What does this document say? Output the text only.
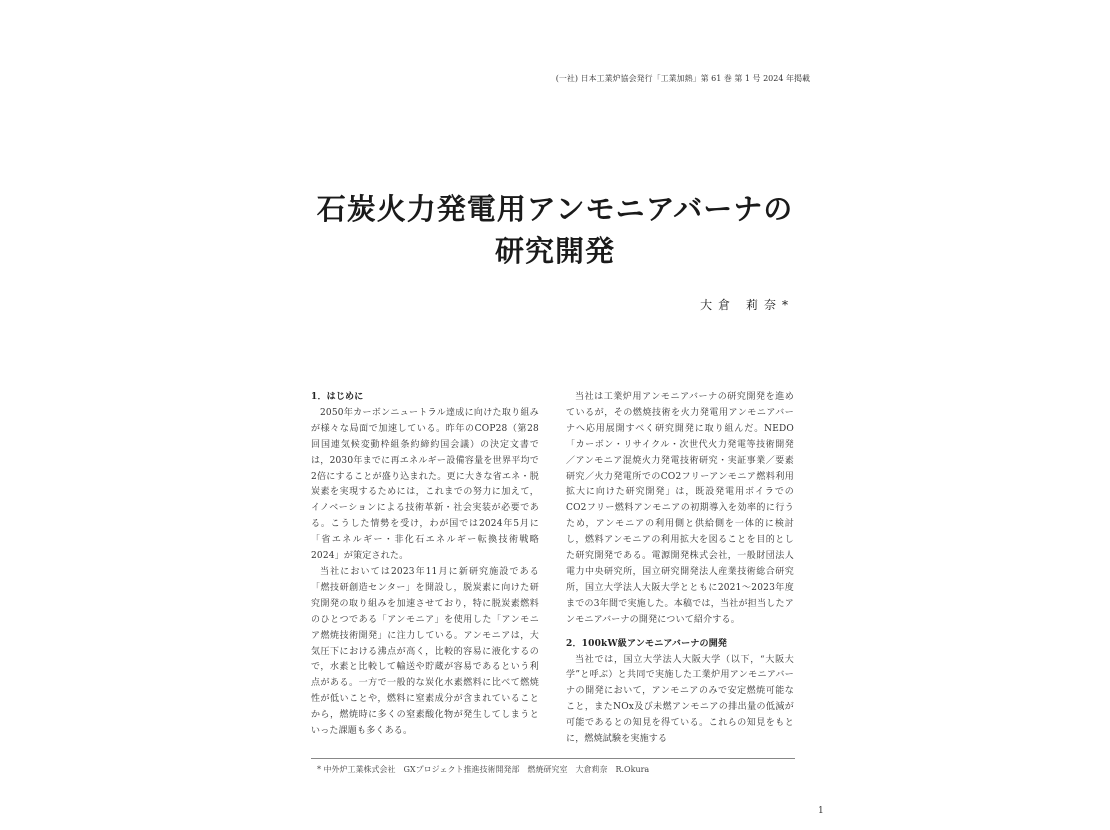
(一社) 日本工業炉協会発行「工業加熱」第 61 巻 第 1 号 2024 年掲載
石炭火力発電用アンモニアバーナの
研究開発
大倉 莉奈*
1．はじめに

2050年カーボンニュートラル達成に向けた取り組みが様々な局面で加速している。昨年のCOP28（第28回国連気候変動枠組条約締約国会議）の決定文書では，2030年までに再エネルギー設備容量を世界平均で2倍にすることが盛り込まれた。更に大きな省エネ・脱炭素を実現するためには，これまでの努力に加えて，イノベーションによる技術革新・社会実装が必要である。こうした情勢を受け，わが国では2024年5月に「省エネルギー・非化石エネルギー転換技術戦略2024」が策定された。

当社においては2023年11月に新研究施設である「燃技研創造センター」を開設し，脱炭素に向けた研究開発の取り組みを加速させており，特に脱炭素燃料のひとつである「アンモニア」を使用した「アンモニア燃焼技術開発」に注力している。アンモニアは，大気圧下における沸点が高く，比較的容易に液化するので，水素と比較して輸送や貯蔵が容易であるという利点がある。一方で一般的な炭化水素燃料に比べて燃焼性が低いことや，燃料に窒素成分が含まれていることから，燃焼時に多くの窒素酸化物が発生してしまうといった課題も多くある。

当社は工業炉用アンモニアバーナの研究開発を進めているが，その燃焼技術を火力発電用アンモニアバーナへ応用展開すべく研究開発に取り組んだ。NEDO「カーボン・リサイクル・次世代火力発電等技術開発／アンモニア混焼火力発電技術研究・実証事業／要素研究／火力発電所でのCO2フリーアンモニア燃料利用拡大に向けた研究開発」は，既設発電用ボイラでのCO2フリー燃料アンモニアの初期導入を効率的に行うため，アンモニアの利用側と供給側を一体的に検討し，燃料アンモニアの利用拡大を図ることを目的とした研究開発である。電源開発株式会社，一般財団法人電力中央研究所，国立研究開発法人産業技術総合研究所，国立大学法人大阪大学とともに2021～2023年度までの3年間で実施した。本稿では，当社が担当したアンモニアバーナの開発について紹介する。

2．100kW級アンモニアバーナの開発

当社では，国立大学法人大阪大学（以下，“大阪大学”と呼ぶ）と共同で実施した工業炉用アンモニアバーナの開発において，アンモニアのみで安定燃焼可能なこと，またNOx及び未燃アンモニアの排出量の低減が可能であるとの知見を得ている。これらの知見をもとに，燃焼試験を実施する

* 中外炉工業株式会社　GXプロジェクト推進技術開発部　燃焼研究室　大倉莉奈　R.Okura
1
